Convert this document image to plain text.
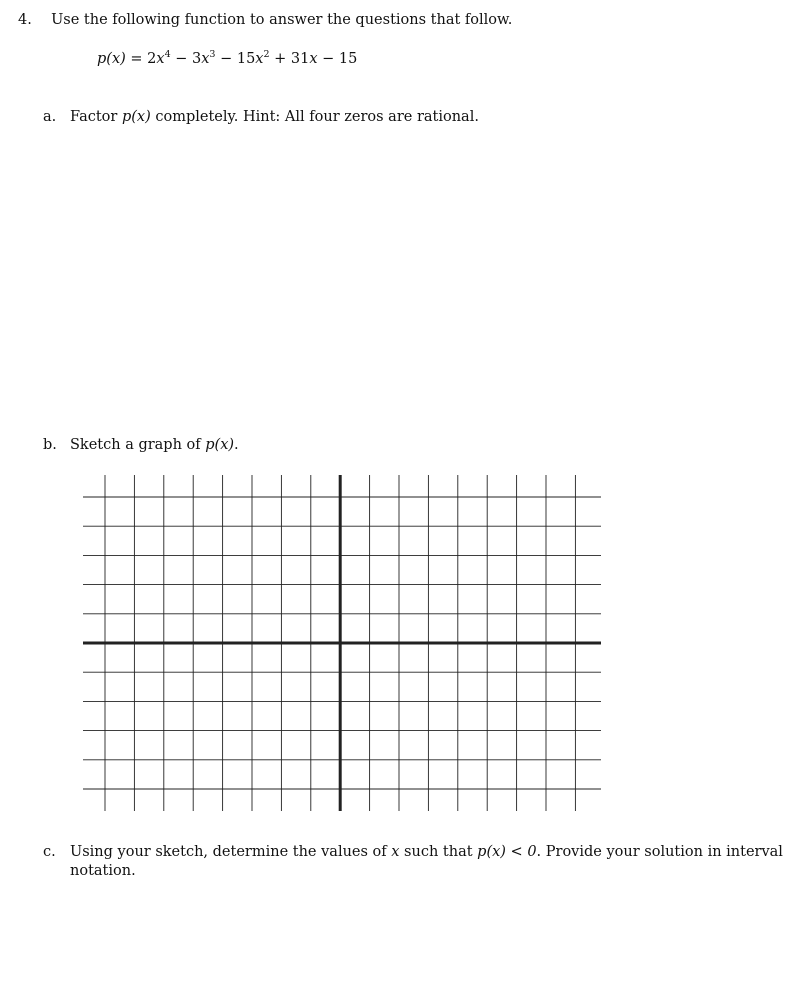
4. Use the following function to answer the questions that follow.
$p(x) = 2x^4 - 3x^3 - 15x^2 + 31x - 15$
a. Factor p(x) completely. Hint: All four zeros are rational.
b. Sketch a graph of p(x).
c. Using your sketch, determine the values of x such that p(x) < 0. Provide your solution in interval
notation.
